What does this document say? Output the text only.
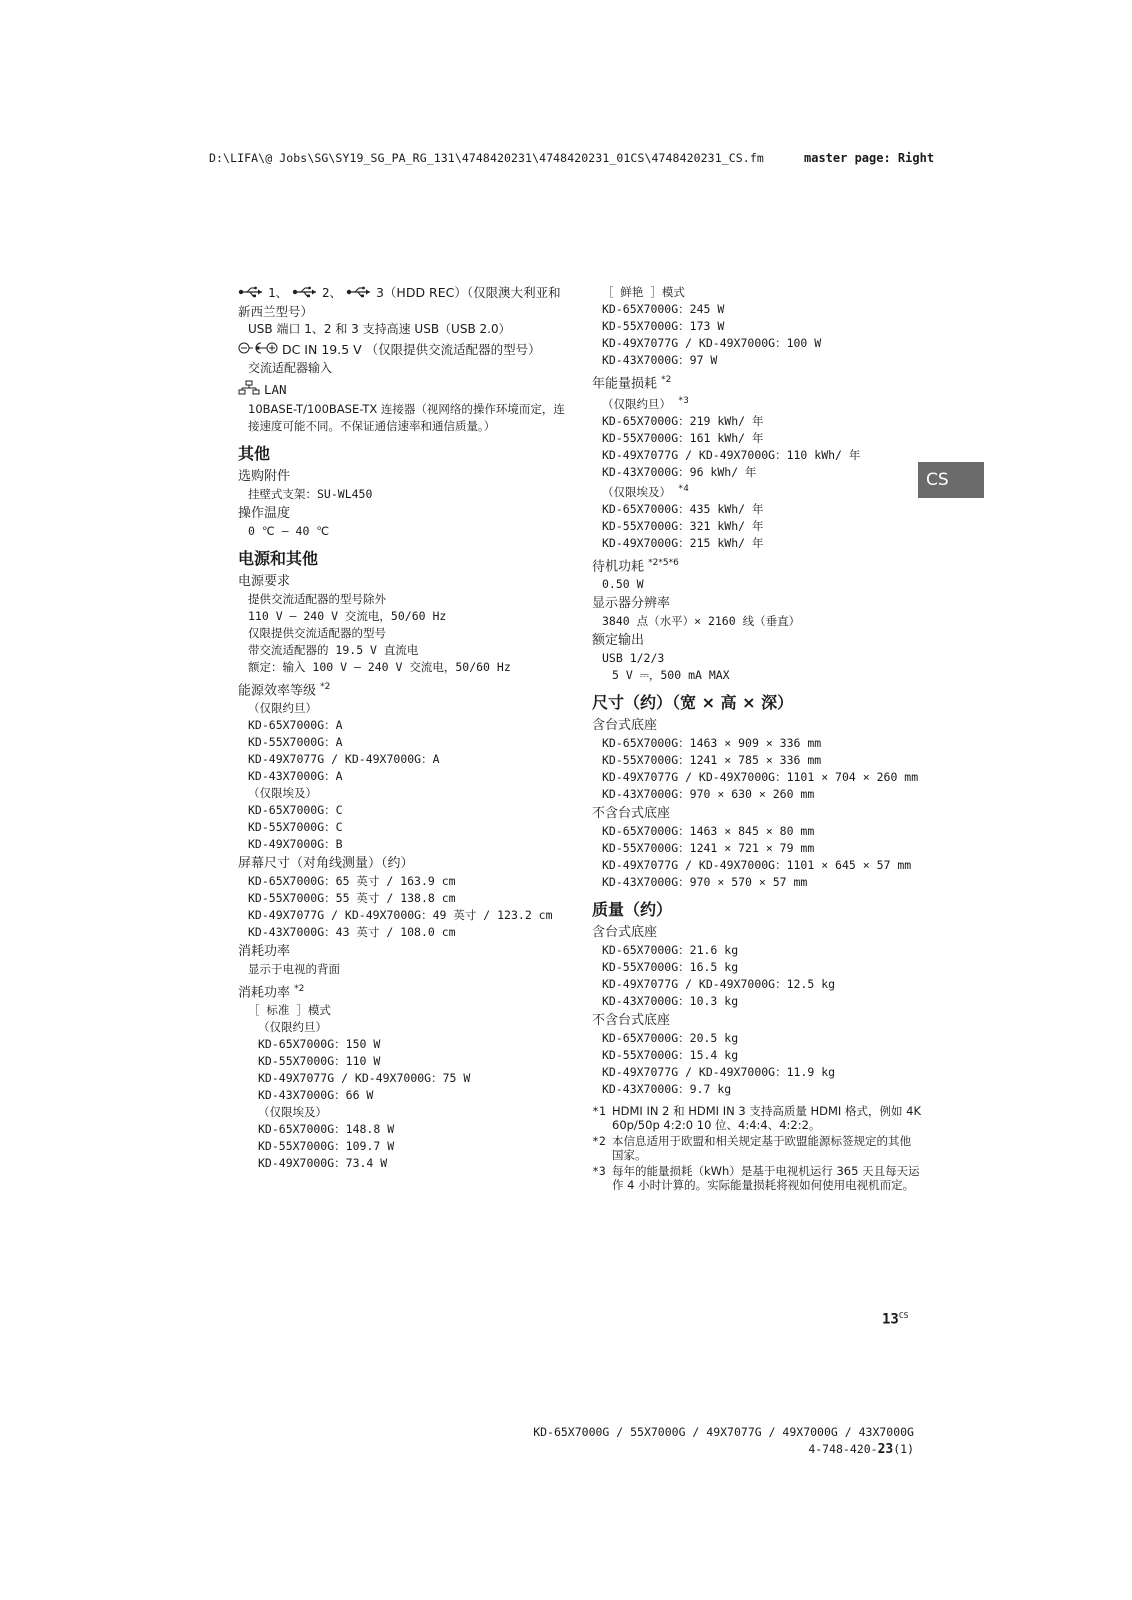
D:\LIFA\@ Jobs\SG\SY19_SG_PA_RG_131\4748420231\4748420231_01CS\4748420231_CS.fm	master page: Right
1、	2、	3（HDD REC）（仅限澳大利亚和新西兰型号）
USB 端口 1、2 和 3 支持高速 USB（USB 2.0）
DC IN 19.5 V （仅限提供交流适配器的型号）
交流适配器输入
LAN
10BASE-T/100BASE-TX 连接器（视网络的操作环境而定，连接速度可能不同。不保证通信速率和通信质量。）
其他
选购附件
挂壁式支架：SU-WL450
操作温度
0 ℃ – 40 ℃
电源和其他
电源要求
提供交流适配器的型号除外
110 V – 240 V 交流电，50/60 Hz
仅限提供交流适配器的型号
带交流适配器的 19.5 V 直流电
额定：输入 100 V – 240 V 交流电，50/60 Hz
能源效率等级 $^{*2}$
（仅限约旦）
KD-65X7000G：A
KD-55X7000G：A
KD-49X7077G / KD-49X7000G：A
KD-43X7000G：A
（仅限埃及）
KD-65X7000G：C
KD-55X7000G：C
KD-49X7000G：B
屏幕尺寸（对角线测量）（约）
KD-65X7000G：65 英寸 / 163.9 cm
KD-55X7000G：55 英寸 / 138.8 cm
KD-49X7077G / KD-49X7000G：49 英寸 / 123.2 cm
KD-43X7000G：43 英寸 / 108.0 cm
消耗功率
显示于电视的背面
消耗功率 $^{*2}$
［ 标准 ］模式
（仅限约旦）
KD-65X7000G：150 W
KD-55X7000G：110 W
KD-49X7077G / KD-49X7000G：75 W
KD-43X7000G：66 W
（仅限埃及）
KD-65X7000G：148.8 W
KD-55X7000G：109.7 W
KD-49X7000G：73.4 W
［ 鲜艳 ］模式
KD-65X7000G：245 W
KD-55X7000G：173 W
KD-49X7077G / KD-49X7000G：100 W
KD-43X7000G：97 W
年能量损耗 $^{*2}$
（仅限约旦） $^{*3}$
KD-65X7000G：219 kWh/ 年
KD-55X7000G：161 kWh/ 年
KD-49X7077G / KD-49X7000G：110 kWh/ 年
KD-43X7000G：96 kWh/ 年
（仅限埃及） $^{*4}$
KD-65X7000G：435 kWh/ 年
KD-55X7000G：321 kWh/ 年
KD-49X7000G：215 kWh/ 年
待机功耗 $^{*2*5*6}$
0.50 W
显示器分辨率
3840 点（水平）× 2160 线（垂直）
额定输出
USB 1/2/3
5 V ⎓，500 mA MAX
尺寸（约）（宽 × 高 × 深）
含台式底座
KD-65X7000G：1463 × 909 × 336 mm
KD-55X7000G：1241 × 785 × 336 mm
KD-49X7077G / KD-49X7000G：1101 × 704 × 260 mm
KD-43X7000G：970 × 630 × 260 mm
不含台式底座
KD-65X7000G：1463 × 845 × 80 mm
KD-55X7000G：1241 × 721 × 79 mm
KD-49X7077G / KD-49X7000G：1101 × 645 × 57 mm
KD-43X7000G：970 × 570 × 57 mm
质量（约）
含台式底座
KD-65X7000G：21.6 kg
KD-55X7000G：16.5 kg
KD-49X7077G / KD-49X7000G：12.5 kg
KD-43X7000G：10.3 kg
不含台式底座
KD-65X7000G：20.5 kg
KD-55X7000G：15.4 kg
KD-49X7077G / KD-49X7000G：11.9 kg
KD-43X7000G：9.7 kg
*1 HDMI IN 2 和 HDMI IN 3 支持高质量 HDMI 格式，例如 4K 60p/50p 4:2:0 10 位、4:4:4、4:2:2。
*2 本信息适用于欧盟和相关规定基于欧盟能源标签规定的其他国家。
*3 每年的能量损耗（kWh）是基于电视机运行 365 天且每天运作 4 小时计算的。实际能量损耗将视如何使用电视机而定。
CS
$13^{CS}$
KD-65X7000G / 55X7000G / 49X7077G / 49X7000G / 43X7000G
4-748-420-23(1)
